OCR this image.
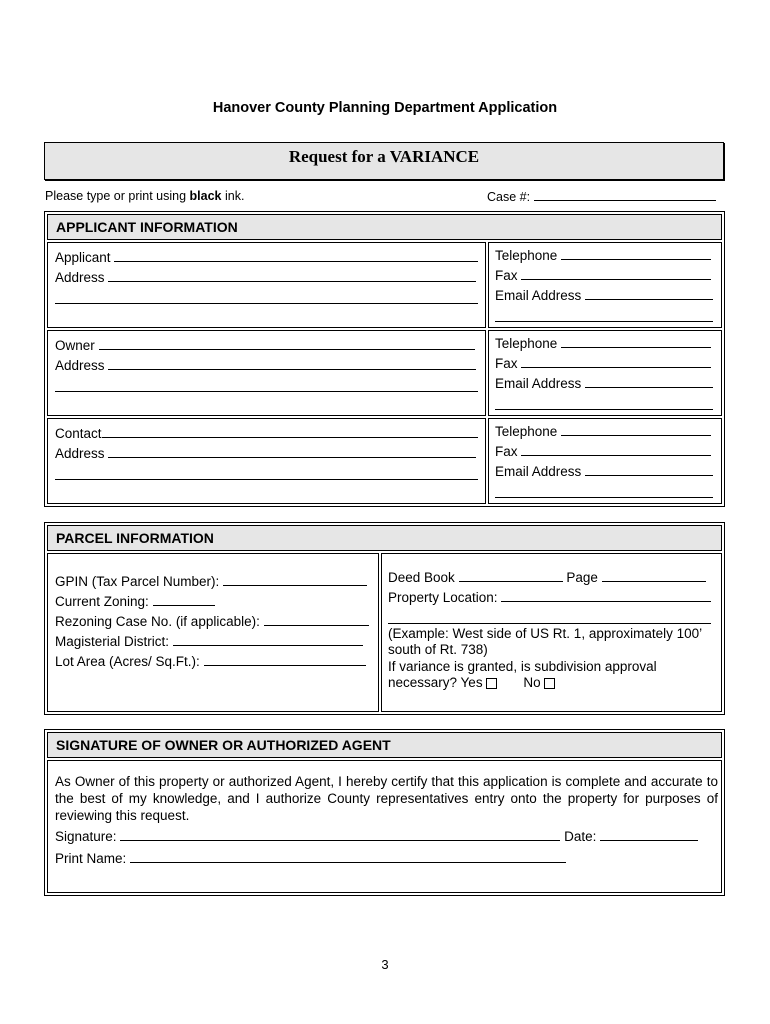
Hanover County Planning Department Application
Request for a VARIANCE
Please type or print using black ink.	Case #:
APPLICANT INFORMATION
Applicant
Address
Telephone
Fax
Email Address
Owner
Address
Telephone
Fax
Email Address
Contact
Address
Telephone
Fax
Email Address
PARCEL INFORMATION
GPIN (Tax Parcel Number):
Current Zoning:
Rezoning Case No. (if applicable):
Magisterial District:
Lot Area (Acres/ Sq.Ft.):
Deed Book	Page
Property Location:
(Example: West side of US Rt. 1, approximately 100’
south of Rt. 738)
If variance is granted, is subdivision approval
necessary? Yes	No
SIGNATURE OF OWNER OR AUTHORIZED AGENT
As Owner of this property or authorized Agent, I hereby certify that this application is complete and accurate to the best of my knowledge, and I authorize County representatives entry onto the property for purposes of reviewing this request.
Signature:	Date:
Print Name:
3
